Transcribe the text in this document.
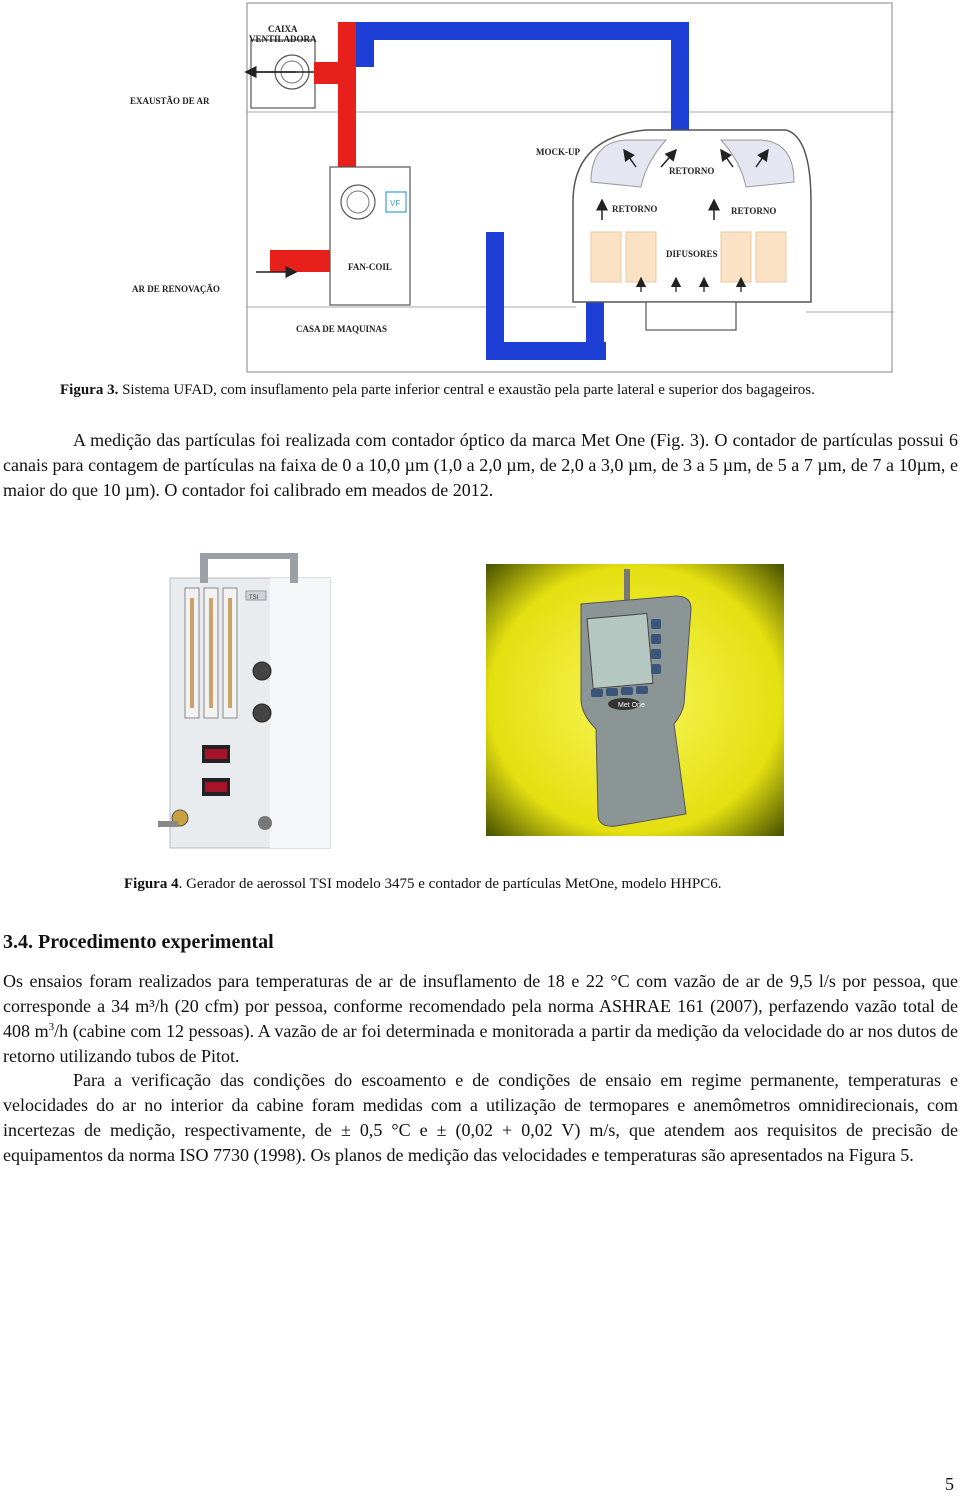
CAIXA
VENTILADORA
EXAUSTÃO DE AR
VF
FAN-COIL
AR DE RENOVAÇÃO
CASA DE MAQUINAS
MOCK-UP
RETORNO
RETORNO	RETORNO
DIFUSORES
Figura 3. Sistema UFAD, com insuflamento pela parte inferior central e exaustão pela parte lateral e superior dos bagageiros.
A medição das partículas foi realizada com contador óptico da marca Met One (Fig. 3). O contador de partículas possui 6 canais para contagem de partículas na faixa de 0 a 10,0 µm (1,0 a 2,0 µm, de 2,0 a 3,0 µm, de 3 a 5 µm, de 5 a 7 µm, de 7 a 10µm, e maior do que 10 µm). O contador foi calibrado em meados de 2012.
TSI
Met One
Figura 4. Gerador de aerossol TSI modelo 3475 e contador de partículas MetOne, modelo HHPC6.
3.4. Procedimento experimental
Os ensaios foram realizados para temperaturas de ar de insuflamento de 18 e 22 °C com vazão de ar de 9,5 l/s por pessoa, que corresponde a 34 m³/h (20 cfm) por pessoa, conforme recomendado pela norma ASHRAE 161 (2007), perfazendo vazão total de 408 $m^3/h$ (cabine com 12 pessoas). A vazão de ar foi determinada e monitorada a partir da medição da velocidade do ar nos dutos de retorno utilizando tubos de Pitot.
Para a verificação das condições do escoamento e de condições de ensaio em regime permanente, temperaturas e velocidades do ar no interior da cabine foram medidas com a utilização de termopares e anemômetros omnidirecionais, com incertezas de medição, respectivamente, de ± 0,5 °C e ± (0,02 + 0,02 V) m/s, que atendem aos requisitos de precisão de equipamentos da norma ISO 7730 (1998). Os planos de medição das velocidades e temperaturas são apresentados na Figura 5.
5
